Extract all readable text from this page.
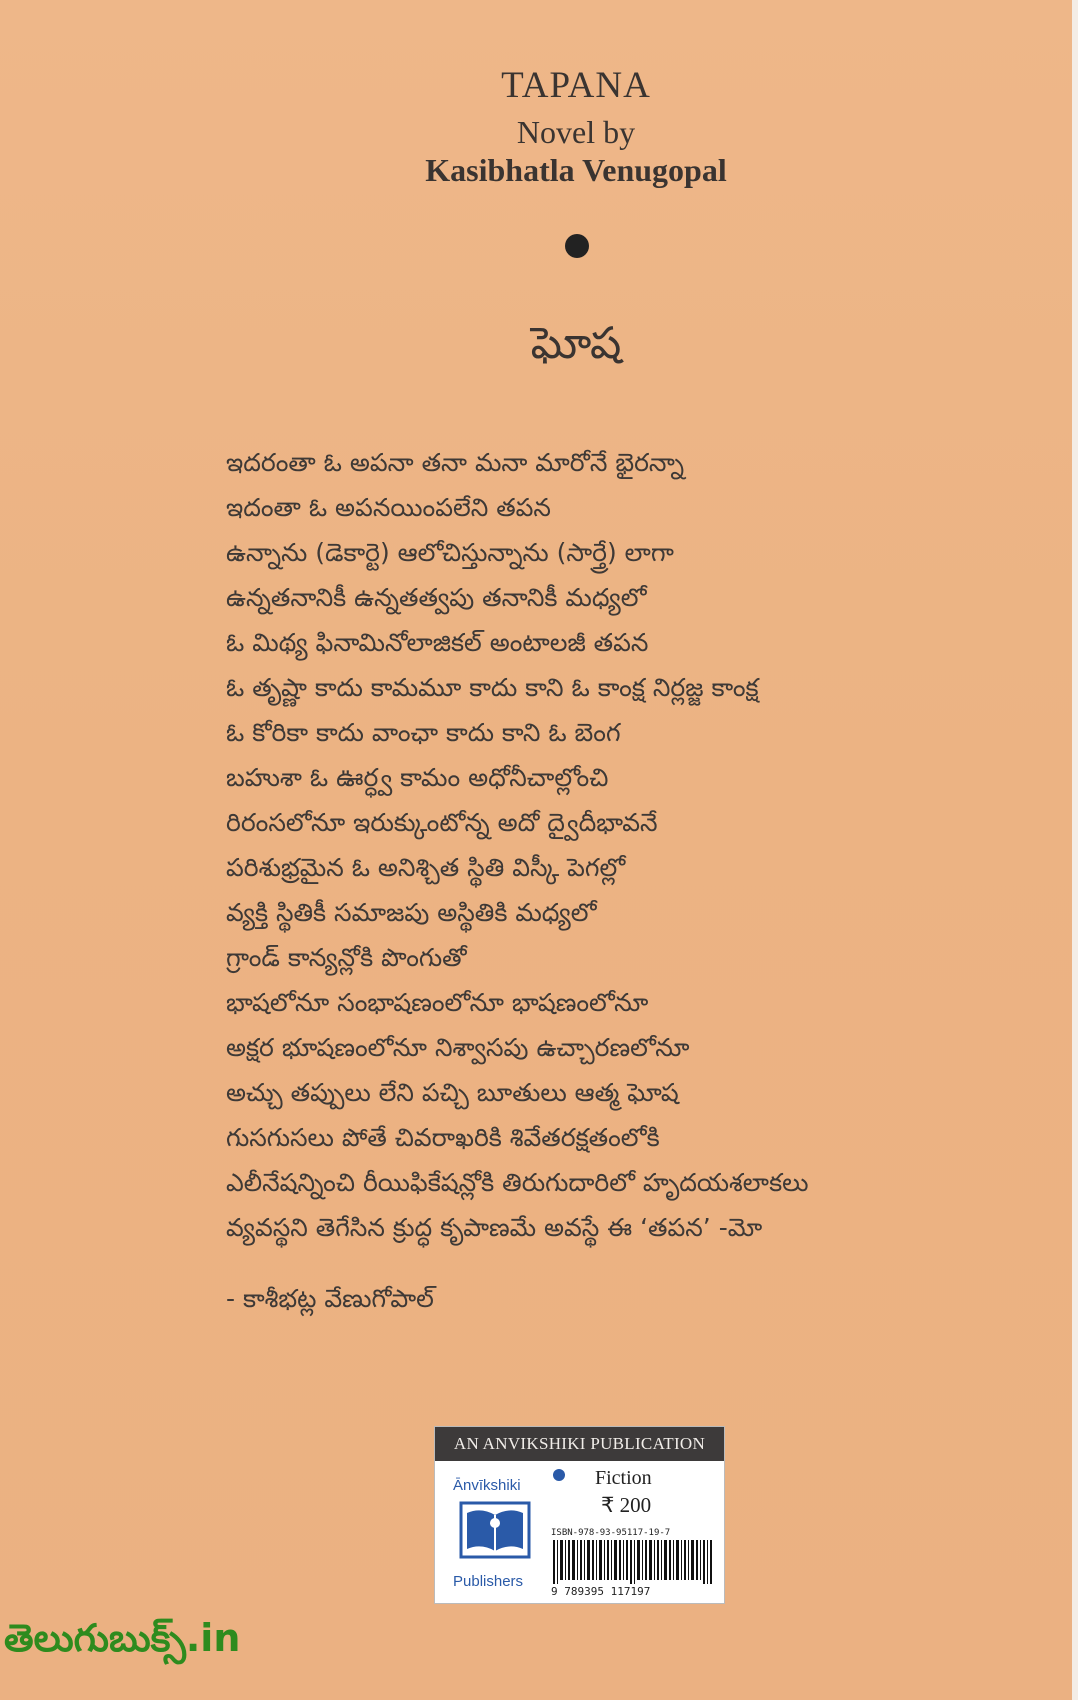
TAPANA
Novel by
Kasibhatla Venugopal
ఘోష
ఇదరంతా ఓ అపనా తనా మనా మారోనే భైరన్నా
ఇదంతా ఓ అపనయింపలేని తపన
ఉన్నాను (డెకార్టె) ఆలోచిస్తున్నాను (సార్త్రే) లాగా
ఉన్నతనానికీ ఉన్నతత్వపు తనానికీ మధ్యలో
ఓ మిథ్య ఫినామినోలాజికల్ అంటాలజీ తపన
ఓ తృష్ణా కాదు కామమూ కాదు కాని ఓ కాంక్ష నిర్లజ్జ కాంక్ష
ఓ కోరికా కాదు వాంఛా కాదు కాని ఓ బెంగ
బహుశా ఓ ఊర్ధ్వ కామం అధోనీచాల్లోంచి
రిరంసలోనూ ఇరుక్కుంటోన్న అదో ద్వైదీభావనే
పరిశుభ్రమైన ఓ అనిశ్చిత స్థితి విస్కీ పెగల్లో
వ్యక్తి స్థితికీ సమాజపు అస్థితికి మధ్యలో
గ్రాండ్ కాన్యన్లోకి పొంగుతో
భాషలోనూ సంభాషణంలోనూ భాషణంలోనూ
అక్షర భూషణంలోనూ నిశ్వాసపు ఉచ్చారణలోనూ
అచ్చు తప్పులు లేని పచ్చి బూతులు ఆత్మ ఘోష
గుసగుసలు పోతే చివరాఖరికి శివేతరక్షతంలోకి
ఎలీనేషన్నించి రీయిఫికేషన్లోకి తిరుగుదారిలో హృదయశలాకలు
వ్యవస్థని తెగేసిన క్రుద్ధ కృపాణమే అవస్థే ఈ ‘తపన’ -మో
- కాశీభట్ల వేణుగోపాల్
AN ANVIKSHIKI PUBLICATION
Ānvīkshiki
Publishers
Fiction
₹ 200
ISBN-978-93-95117-19-7
9 789395 117197
తెలుగుబుక్స్.in
